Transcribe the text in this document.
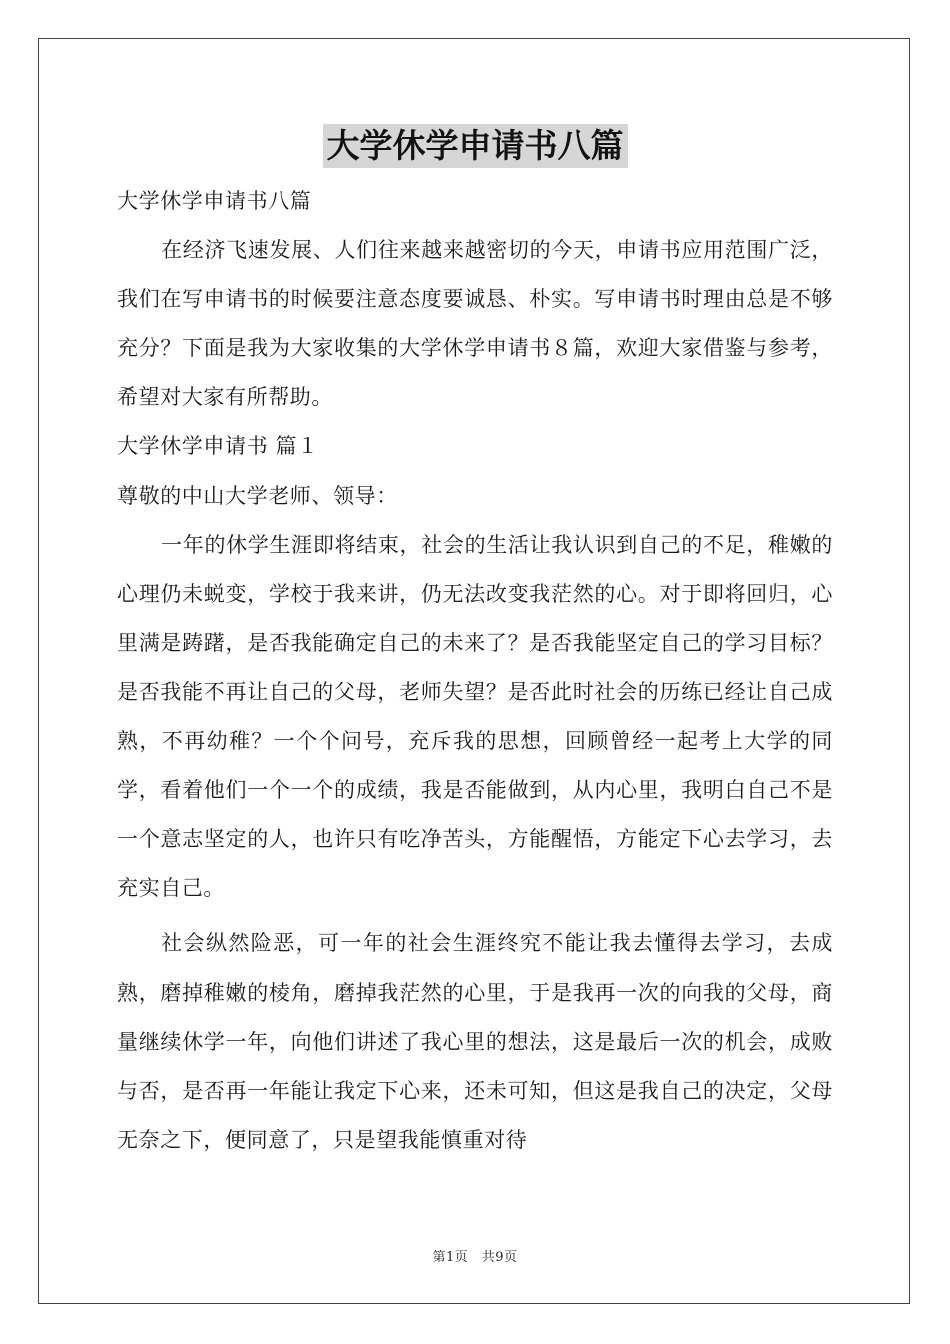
大学休学申请书八篇

大学休学申请书八篇

在经济飞速发展、人们往来越来越密切的今天，申请书应用范围广泛，我们在写申请书的时候要注意态度要诚恳、朴实。写申请书时理由总是不够充分？下面是我为大家收集的大学休学申请书８篇，欢迎大家借鉴与参考，希望对大家有所帮助。

大学休学申请书 篇１

尊敬的中山大学老师、领导：

一年的休学生涯即将结束，社会的生活让我认识到自己的不足，稚嫩的心理仍未蜕变，学校于我来讲，仍无法改变我茫然的心。对于即将回归，心里满是踌躇，是否我能确定自己的未来了？是否我能坚定自己的学习目标？是否我能不再让自己的父母，老师失望？是否此时社会的历练已经让自己成熟，不再幼稚？一个个问号，充斥我的思想，回顾曾经一起考上大学的同学，看着他们一个一个的成绩，我是否能做到，从内心里，我明白自己不是一个意志坚定的人，也许只有吃净苦头，方能醒悟，方能定下心去学习，去充实自己。

社会纵然险恶，可一年的社会生涯终究不能让我去懂得去学习，去成熟，磨掉稚嫩的棱角，磨掉我茫然的心里，于是我再一次的向我的父母，商量继续休学一年，向他们讲述了我心里的想法，这是最后一次的机会，成败与否，是否再一年能让我定下心来，还未可知，但这是我自己的决定，父母无奈之下，便同意了，只是望我能慎重对待

第1页　共9页
